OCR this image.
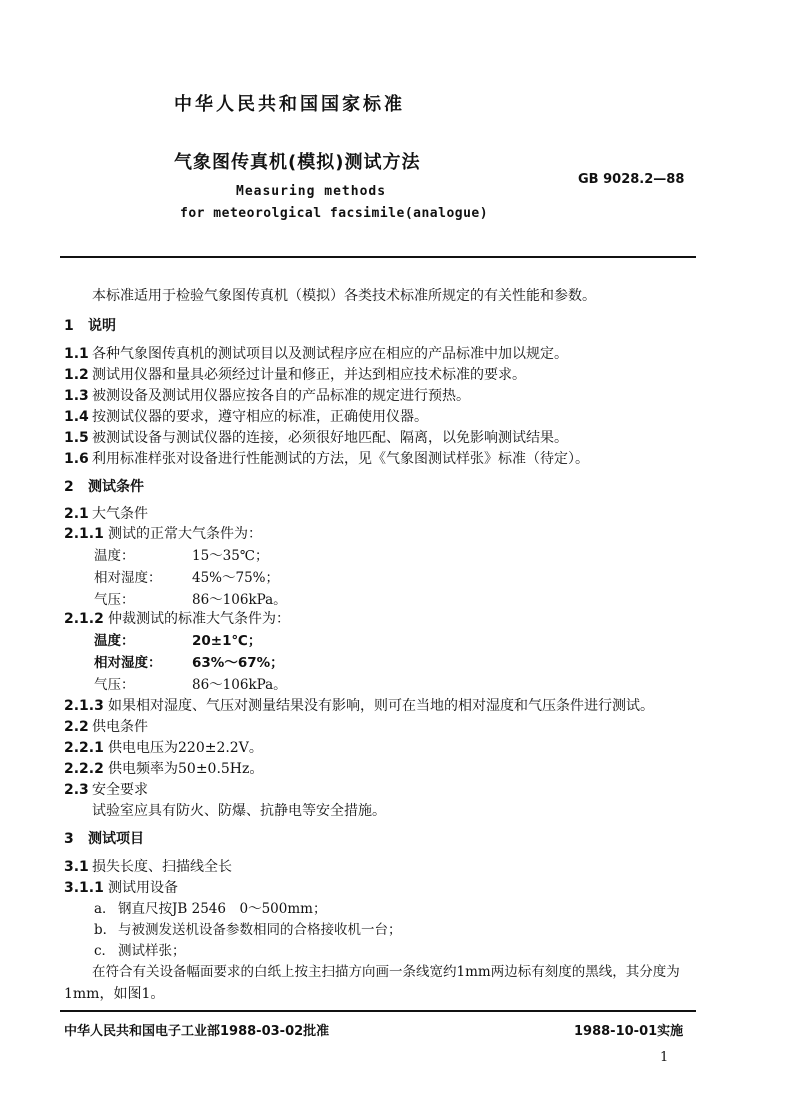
中华人民共和国国家标准
气象图传真机(模拟)测试方法
GB 9028.2—88
Measuring methods
for meteorolgical facsimile(analogue)
本标准适用于检验气象图传真机（模拟）各类技术标准所规定的有关性能和参数。
1 说明
1.1 各种气象图传真机的测试项目以及测试程序应在相应的产品标准中加以规定。
1.2 测试用仪器和量具必须经过计量和修正，并达到相应技术标准的要求。
1.3 被测设备及测试用仪器应按各自的产品标准的规定进行预热。
1.4 按测试仪器的要求，遵守相应的标准，正确使用仪器。
1.5 被测试设备与测试仪器的连接，必须很好地匹配、隔离，以免影响测试结果。
1.6 利用标准样张对设备进行性能测试的方法，见《气象图测试样张》标准（待定）。
2 测试条件
2.1 大气条件
2.1.1 测试的正常大气条件为：
温度：	15～35℃；
相对湿度： 45%～75%；
气压：	86～106kPa。
2.1.2 仲裁测试的标准大气条件为：
温度：	20±1℃；
相对湿度： 63%～67%；
气压：	86～106kPa。
2.1.3 如果相对湿度、气压对测量结果没有影响，则可在当地的相对湿度和气压条件进行测试。
2.2 供电条件
2.2.1 供电电压为220±2.2V。
2.2.2 供电频率为50±0.5Hz。
2.3 安全要求
试验室应具有防火、防爆、抗静电等安全措施。
3 测试项目
3.1 损失长度、扫描线全长
3.1.1 测试用设备
a． 钢直尺按JB 2546　0～500mm；
b． 与被测发送机设备参数相同的合格接收机一台；
c． 测试样张；
在符合有关设备幅面要求的白纸上按主扫描方向画一条线宽约1mm两边标有刻度的黑线，其分度为
1mm，如图1。
中华人民共和国电子工业部1988-03-02批准	1988-10-01实施
1
